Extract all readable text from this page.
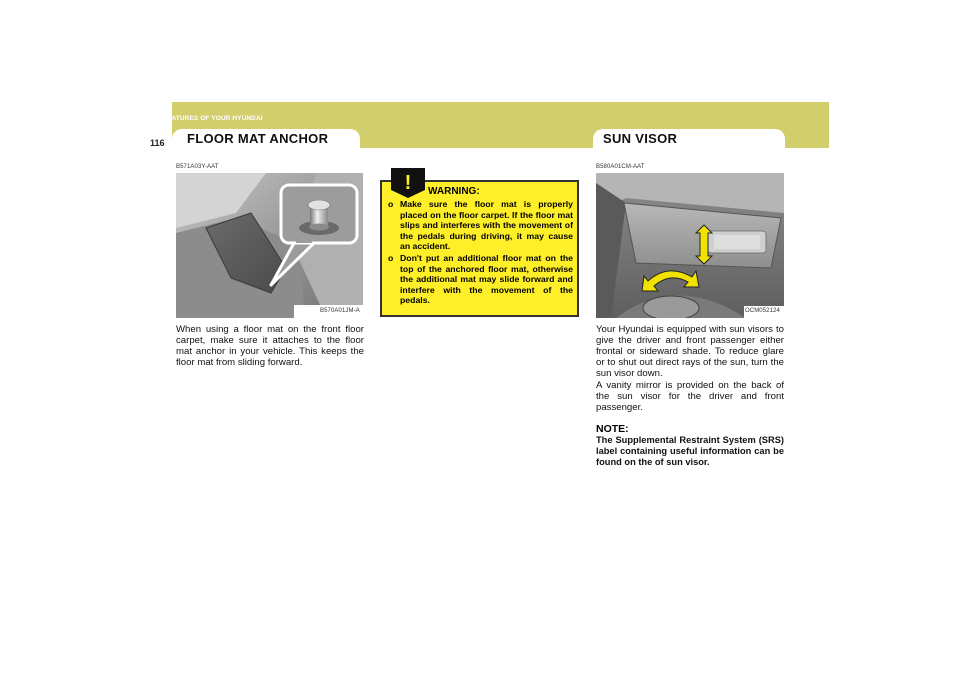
1 FEATURES OF YOUR HYUNDAI
116 FLOOR MAT ANCHOR	SUN VISOR
B571A03Y-AAT
B570A01JM-A
When using a floor mat on the front floor carpet, make sure it attaches to the floor mat anchor in your vehicle. This keeps the floor mat from sliding forward.
WARNING:
o Make sure the floor mat is properly placed on the floor carpet. If the floor mat slips and interferes with the movement of the pedals during driving, it may cause an accident.
o Don't put an additional floor mat on the top of the anchored floor mat, otherwise the additional mat may slide forward and interfere with the movement of the pedals.
!
B580A01CM-AAT
OCM052124
Your Hyundai is equipped with sun visors to give the driver and front passenger either frontal or sideward shade. To reduce glare or to shut out direct rays of the sun, turn the sun visor down.
A vanity mirror is provided on the back of the sun visor for the driver and front passenger.
NOTE:
The Supplemental Restraint System (SRS) label containing useful information can be found on the of sun visor.
